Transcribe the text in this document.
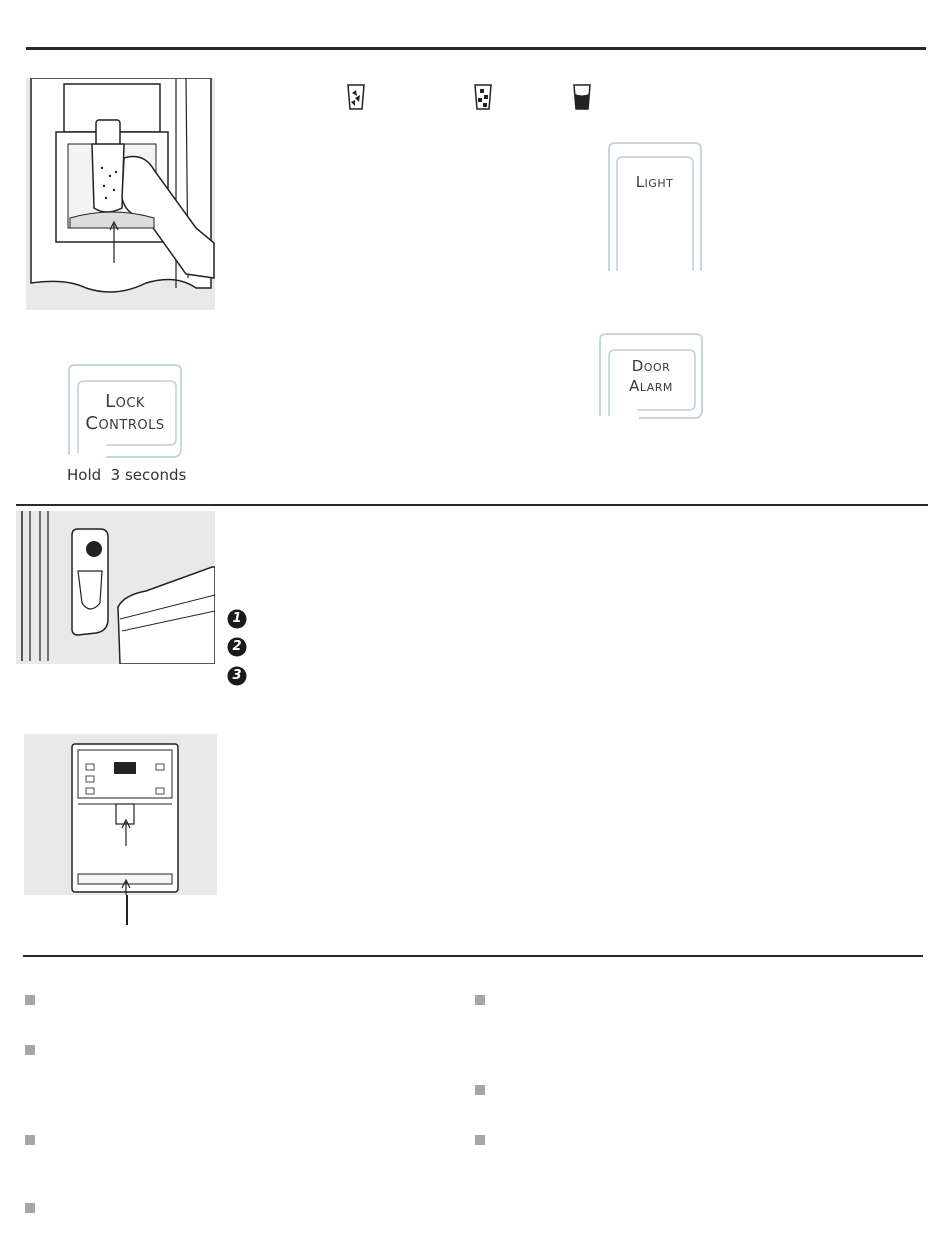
Light
Door
Alarm
Lock
Controls
Hold  3 seconds
1
2
3
